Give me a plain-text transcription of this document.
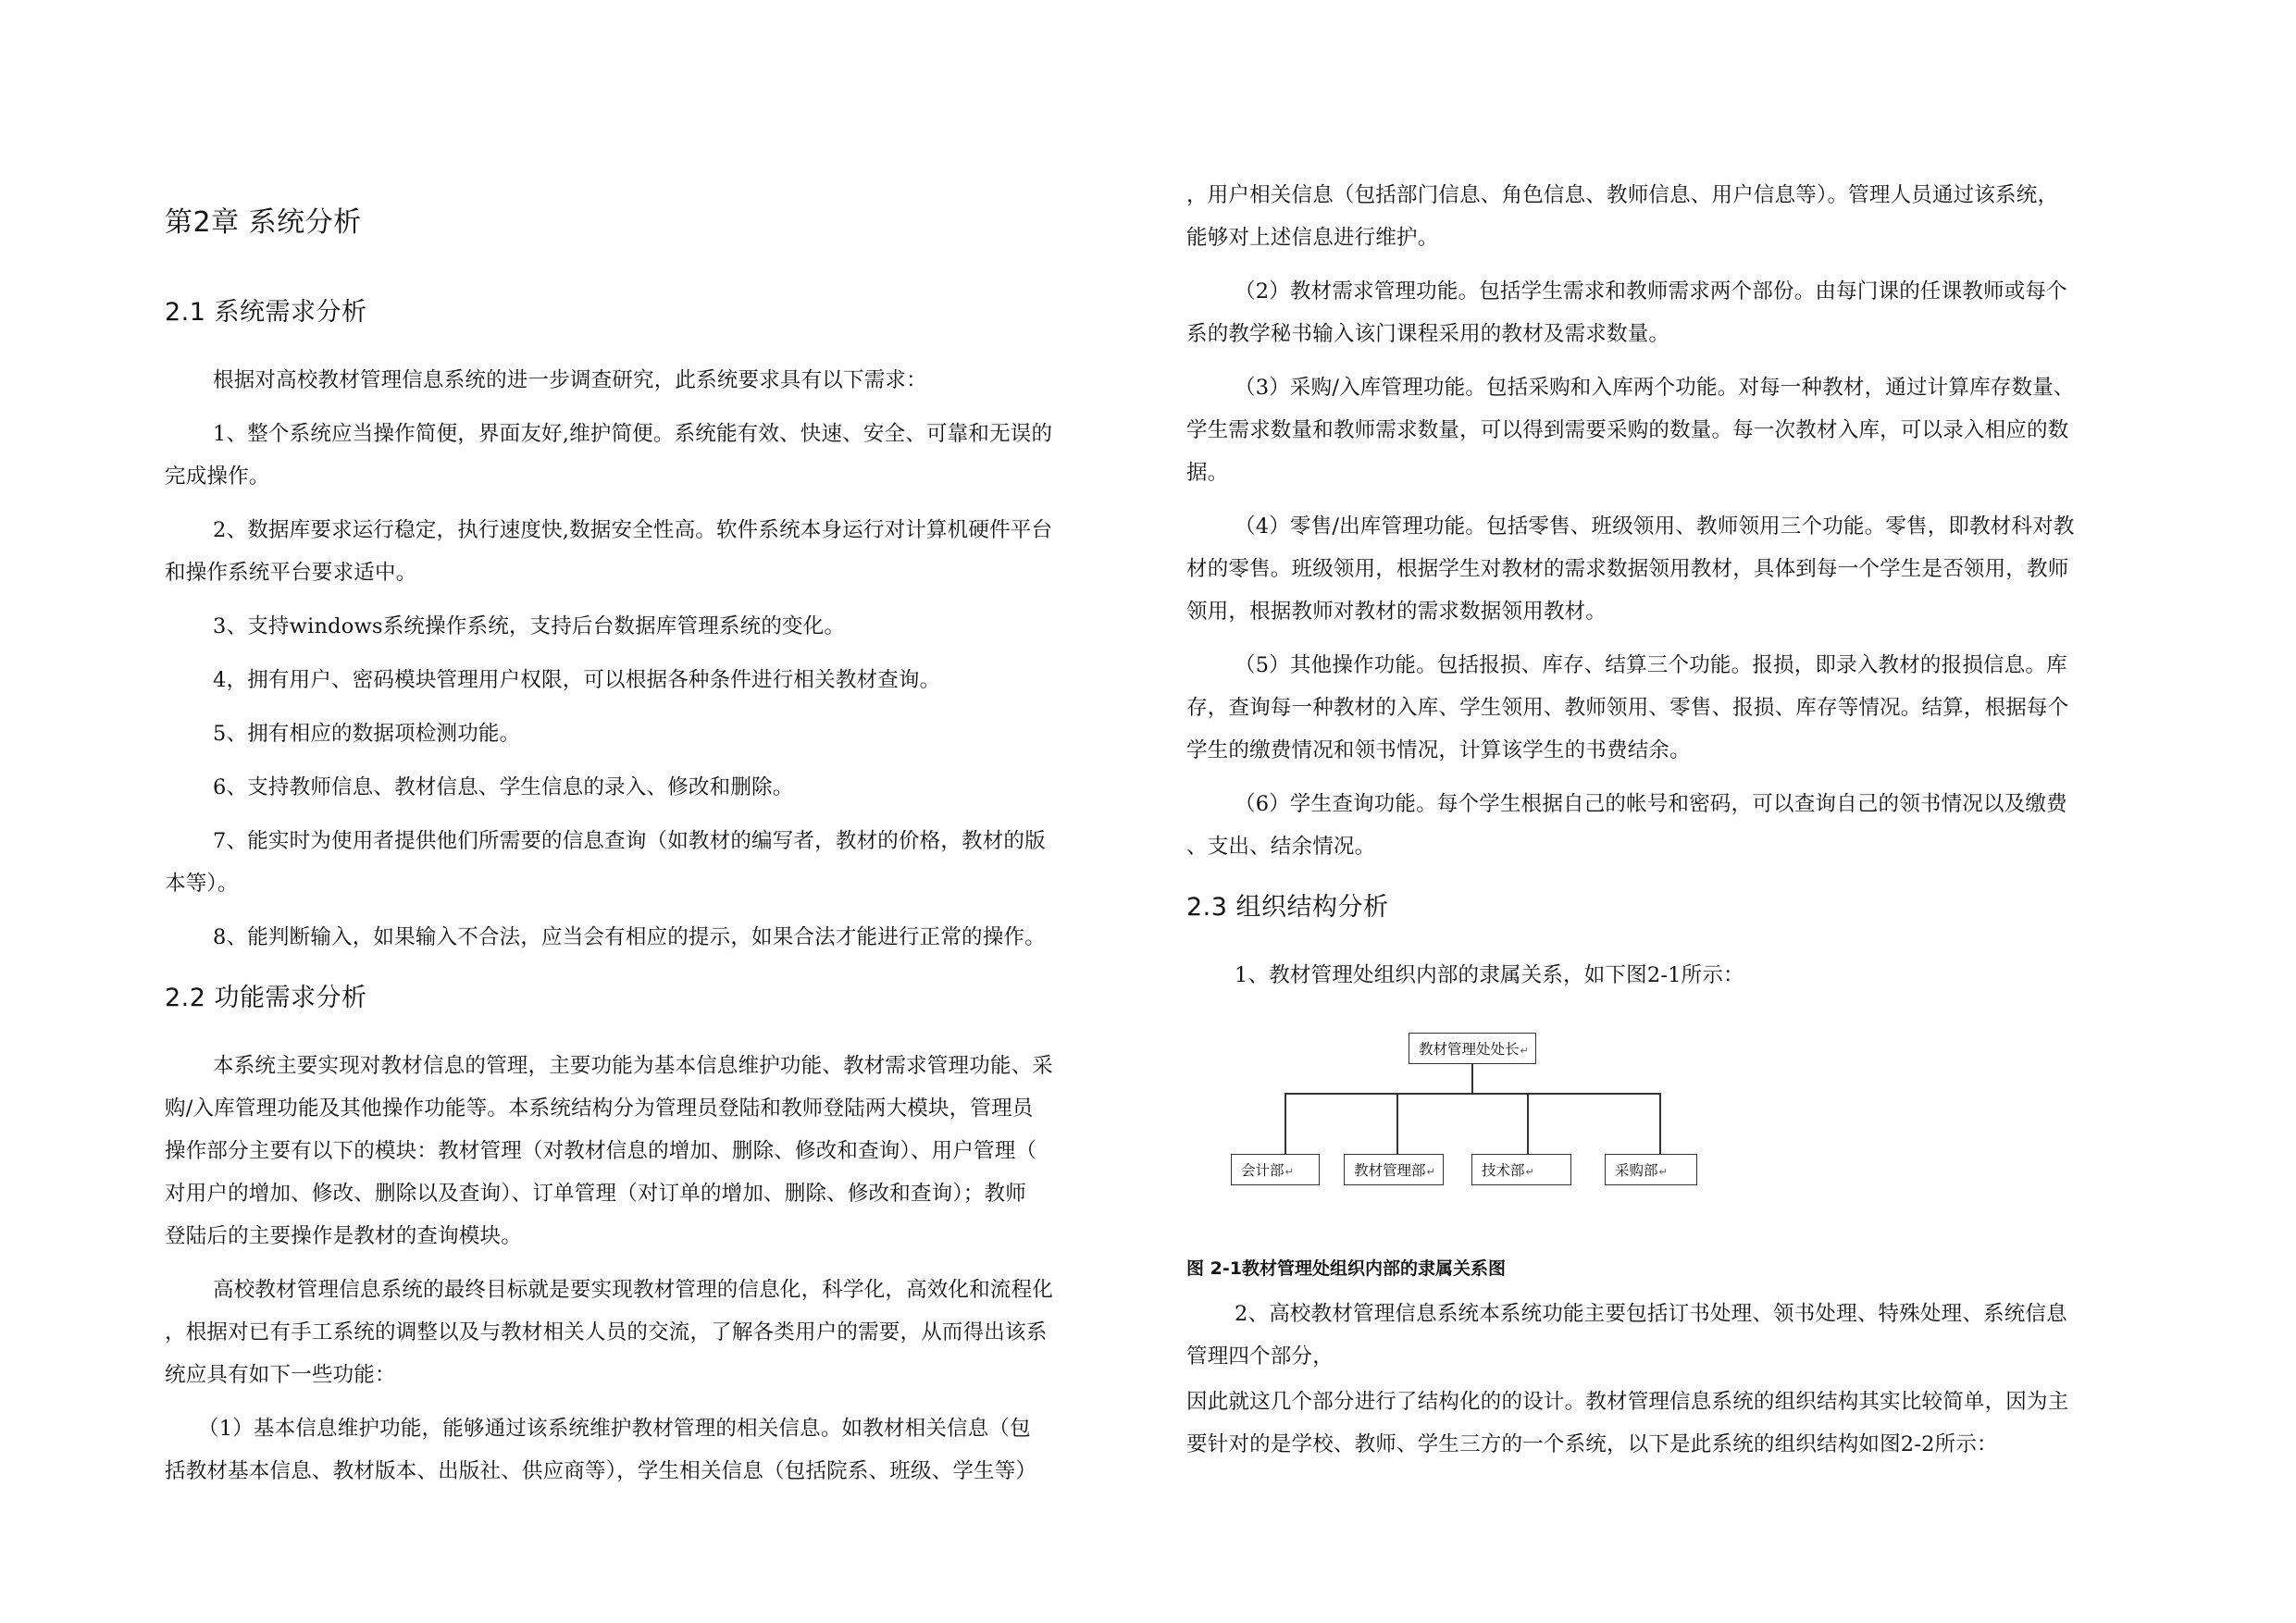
第2章 系统分析
2.1 系统需求分析
根据对高校教材管理信息系统的进一步调查研究，此系统要求具有以下需求：
1、整个系统应当操作简便，界面友好,维护简便。系统能有效、快速、安全、可靠和无误的
完成操作。
2、数据库要求运行稳定，执行速度快,数据安全性高。软件系统本身运行对计算机硬件平台
和操作系统平台要求适中。
3、支持windows系统操作系统，支持后台数据库管理系统的变化。
4，拥有用户、密码模块管理用户权限，可以根据各种条件进行相关教材查询。
5、拥有相应的数据项检测功能。
6、支持教师信息、教材信息、学生信息的录入、修改和删除。
7、能实时为使用者提供他们所需要的信息查询（如教材的编写者，教材的价格，教材的版
本等）。
8、能判断输入，如果输入不合法，应当会有相应的提示，如果合法才能进行正常的操作。
2.2 功能需求分析
本系统主要实现对教材信息的管理，主要功能为基本信息维护功能、教材需求管理功能、采
购/入库管理功能及其他操作功能等。本系统结构分为管理员登陆和教师登陆两大模块，管理员
操作部分主要有以下的模块：教材管理（对教材信息的增加、删除、修改和查询）、用户管理（
对用户的增加、修改、删除以及查询）、订单管理（对订单的增加、删除、修改和查询）；教师
登陆后的主要操作是教材的查询模块。
高校教材管理信息系统的最终目标就是要实现教材管理的信息化，科学化，高效化和流程化
，根据对已有手工系统的调整以及与教材相关人员的交流，了解各类用户的需要，从而得出该系
统应具有如下一些功能：
（1）基本信息维护功能，能够通过该系统维护教材管理的相关信息。如教材相关信息（包
括教材基本信息、教材版本、出版社、供应商等），学生相关信息（包括院系、班级、学生等）
，用户相关信息（包括部门信息、角色信息、教师信息、用户信息等）。管理人员通过该系统，
能够对上述信息进行维护。
（2）教材需求管理功能。包括学生需求和教师需求两个部份。由每门课的任课教师或每个
系的教学秘书输入该门课程采用的教材及需求数量。
（3）采购/入库管理功能。包括采购和入库两个功能。对每一种教材，通过计算库存数量、
学生需求数量和教师需求数量，可以得到需要采购的数量。每一次教材入库，可以录入相应的数
据。
（4）零售/出库管理功能。包括零售、班级领用、教师领用三个功能。零售，即教材科对教
材的零售。班级领用，根据学生对教材的需求数据领用教材，具体到每一个学生是否领用，教师
领用，根据教师对教材的需求数据领用教材。
（5）其他操作功能。包括报损、库存、结算三个功能。报损，即录入教材的报损信息。库
存，查询每一种教材的入库、学生领用、教师领用、零售、报损、库存等情况。结算，根据每个
学生的缴费情况和领书情况，计算该学生的书费结余。
（6）学生查询功能。每个学生根据自己的帐号和密码，可以查询自己的领书情况以及缴费
、支出、结余情况。
2.3 组织结构分析
1、教材管理处组织内部的隶属关系，如下图2-1所示：
图 2-1教材管理处组织内部的隶属关系图
2、高校教材管理信息系统本系统功能主要包括订书处理、领书处理、特殊处理、系统信息
管理四个部分，
因此就这几个部分进行了结构化的的设计。教材管理信息系统的组织结构其实比较简单，因为主
要针对的是学校、教师、学生三方的一个系统，以下是此系统的组织结构如图2-2所示：
教材管理处处长↵
会计部↵	教材管理部↵	技术部↵	采购部↵
